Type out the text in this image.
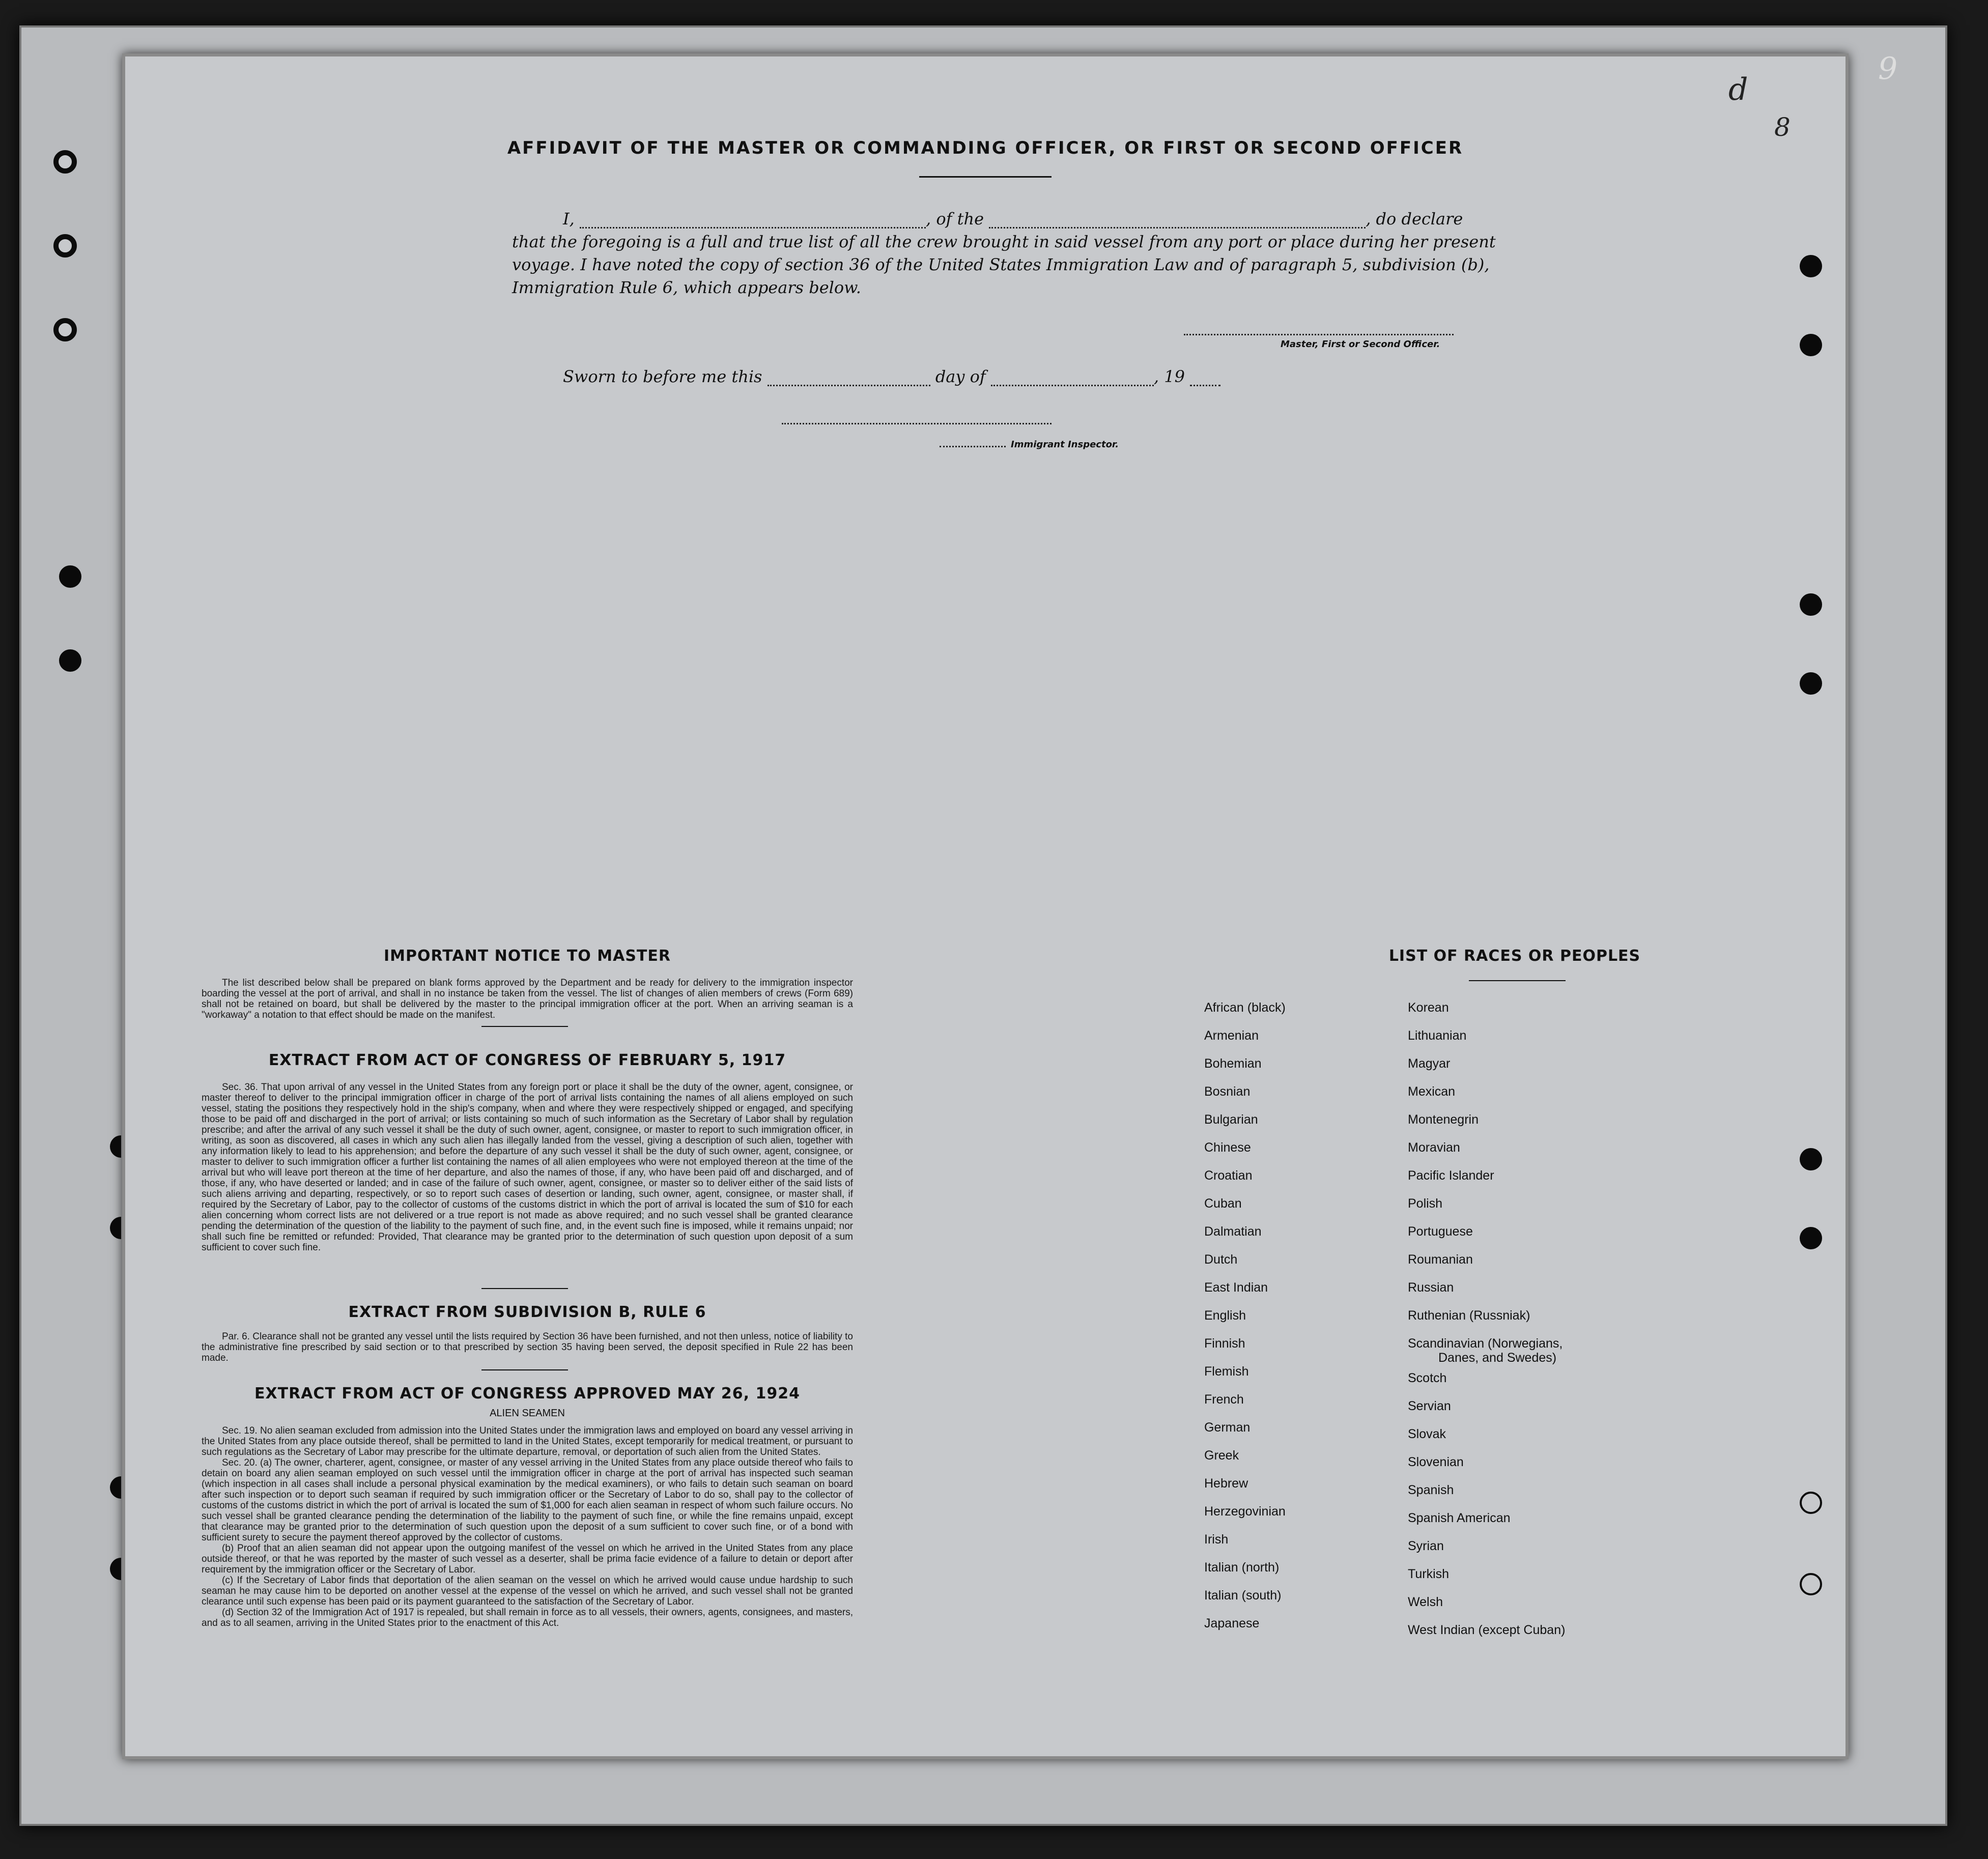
AFFIDAVIT OF THE MASTER OR COMMANDING OFFICER, OR FIRST OR SECOND OFFICER
I,	, of the	, do declare
that the foregoing is a full and true list of all the crew brought in said vessel from any port or place during her present
voyage. I have noted the copy of section 36 of the United States Immigration Law and of paragraph 5, subdivision (b),
Immigration Rule 6, which appears below.
Master, First or Second Officer.
Sworn to before me this	day of	, 19
Immigrant Inspector.
IMPORTANT NOTICE TO MASTER

The list described below shall be prepared on blank forms approved by the Department and be ready for delivery to the immigration inspector boarding the vessel at the port of arrival, and shall in no instance be taken from the vessel. The list of changes of alien members of crews (Form 689) shall not be retained on board, but shall be delivered by the master to the principal immigration officer at the port. When an arriving seaman is a "workaway" a notation to that effect should be made on the manifest.

EXTRACT FROM ACT OF CONGRESS OF FEBRUARY 5, 1917

Sec. 36. That upon arrival of any vessel in the United States from any foreign port or place it shall be the duty of the owner, agent, consignee, or master thereof to deliver to the principal immigration officer in charge of the port of arrival lists containing the names of all aliens employed on such vessel, stating the positions they respectively hold in the ship's company, when and where they were respectively shipped or engaged, and specifying those to be paid off and discharged in the port of arrival; or lists containing so much of such information as the Secretary of Labor shall by regulation prescribe; and after the arrival of any such vessel it shall be the duty of such owner, agent, consignee, or master to report to such immigration officer, in writing, as soon as discovered, all cases in which any such alien has illegally landed from the vessel, giving a description of such alien, together with any information likely to lead to his apprehension; and before the departure of any such vessel it shall be the duty of such owner, agent, consignee, or master to deliver to such immigration officer a further list containing the names of all alien employees who were not employed thereon at the time of the arrival but who will leave port thereon at the time of her departure, and also the names of those, if any, who have been paid off and discharged, and of those, if any, who have deserted or landed; and in case of the failure of such owner, agent, consignee, or master so to deliver either of the said lists of such aliens arriving and departing, respectively, or so to report such cases of desertion or landing, such owner, agent, consignee, or master shall, if required by the Secretary of Labor, pay to the collector of customs of the customs district in which the port of arrival is located the sum of $10 for each alien concerning whom correct lists are not delivered or a true report is not made as above required; and no such vessel shall be granted clearance pending the determination of the question of the liability to the payment of such fine, and, in the event such fine is imposed, while it remains unpaid; nor shall such fine be remitted or refunded: Provided, That clearance may be granted prior to the determination of such question upon deposit of a sum sufficient to cover such fine.

EXTRACT FROM SUBDIVISION B, RULE 6

Par. 6. Clearance shall not be granted any vessel until the lists required by Section 36 have been furnished, and not then unless, notice of liability to the administrative fine prescribed by said section or to that prescribed by section 35 having been served, the deposit specified in Rule 22 has been made.

EXTRACT FROM ACT OF CONGRESS APPROVED MAY 26, 1924
ALIEN SEAMEN

Sec. 19. No alien seaman excluded from admission into the United States under the immigration laws and employed on board any vessel arriving in the United States from any place outside thereof, shall be permitted to land in the United States, except temporarily for medical treatment, or pursuant to such regulations as the Secretary of Labor may prescribe for the ultimate departure, removal, or deportation of such alien from the United States.

Sec. 20. (a) The owner, charterer, agent, consignee, or master of any vessel arriving in the United States from any place outside thereof who fails to detain on board any alien seaman employed on such vessel until the immigration officer in charge at the port of arrival has inspected such seaman (which inspection in all cases shall include a personal physical examination by the medical examiners), or who fails to detain such seaman on board after such inspection or to deport such seaman if required by such immigration officer or the Secretary of Labor to do so, shall pay to the collector of customs of the customs district in which the port of arrival is located the sum of $1,000 for each alien seaman in respect of whom such failure occurs. No such vessel shall be granted clearance pending the determination of the liability to the payment of such fine, or while the fine remains unpaid, except that clearance may be granted prior to the determination of such question upon the deposit of a sum sufficient to cover such fine, or of a bond with sufficient surety to secure the payment thereof approved by the collector of customs.

(b) Proof that an alien seaman did not appear upon the outgoing manifest of the vessel on which he arrived in the United States from any place outside thereof, or that he was reported by the master of such vessel as a deserter, shall be prima facie evidence of a failure to detain or deport after requirement by the immigration officer or the Secretary of Labor.

(c) If the Secretary of Labor finds that deportation of the alien seaman on the vessel on which he arrived would cause undue hardship to such seaman he may cause him to be deported on another vessel at the expense of the vessel on which he arrived, and such vessel shall not be granted clearance until such expense has been paid or its payment guaranteed to the satisfaction of the Secretary of Labor.

(d) Section 32 of the Immigration Act of 1917 is repealed, but shall remain in force as to all vessels, their owners, agents, consignees, and masters, and as to all seamen, arriving in the United States prior to the enactment of this Act.

LIST OF RACES OR PEOPLES
African (black)
Armenian
Bohemian
Bosnian
Bulgarian
Chinese
Croatian
Cuban
Dalmatian
Dutch
East Indian
English
Finnish
Flemish
French
German
Greek
Hebrew
Herzegovinian
Irish
Italian (north)
Italian (south)
Japanese
Korean
Lithuanian
Magyar
Mexican
Montenegrin
Moravian
Pacific Islander
Polish
Portuguese
Roumanian
Russian
Ruthenian (Russniak)
Scandinavian (Norwegians,
Danes, and Swedes)
Scotch
Servian
Slovak
Slovenian
Spanish
Spanish American
Syrian
Turkish
Welsh
West Indian (except Cuban)
d
8
9
